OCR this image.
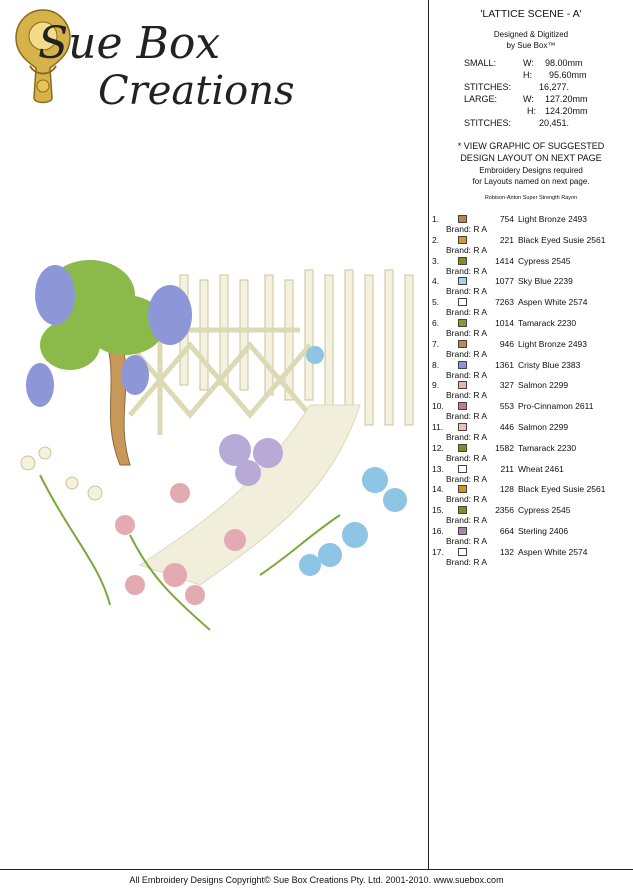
Sue Box
Creations
'LATTICE SCENE - A'
Designed & Digitized
by Sue Box™
SMALL:	W: 98.00mm
H: 95.60mm
STITCHES:	16,277.
LARGE:	W: 127.20mm
H: 124.20mm
STITCHES:	20,451.
* VIEW GRAPHIC OF SUGGESTED
DESIGN LAYOUT ON NEXT PAGE
Embroidery Designs required
for Layouts named on next page.
Robison-Anton Super Strength Rayon
1.	754 Light Bronze 2493
Brand: R A
2.	221 Black Eyed Susie 2561
Brand: R A
3.	1414 Cypress 2545
Brand: R A
4.	1077 Sky Blue 2239
Brand: R A
5.	7263 Aspen White 2574
Brand: R A
6.	1014 Tamarack 2230
Brand: R A
7.	946 Light Bronze 2493
Brand: R A
8.	1361 Cristy Blue 2383
Brand: R A
9.	327 Salmon 2299
Brand: R A
10.	553 Pro-Cinnamon 2611
Brand: R A
11.	446 Salmon 2299
Brand: R A
12.	1582 Tamarack 2230
Brand: R A
13.	211 Wheat 2461
Brand: R A
14.	128 Black Eyed Susie 2561
Brand: R A
15.	2356 Cypress 2545
Brand: R A
16.	664 Sterling 2406
Brand: R A
17.	132 Aspen White 2574
Brand: R A
All Embroidery Designs Copyright© Sue Box Creations Pty. Ltd. 2001-2010. www.suebox.com
